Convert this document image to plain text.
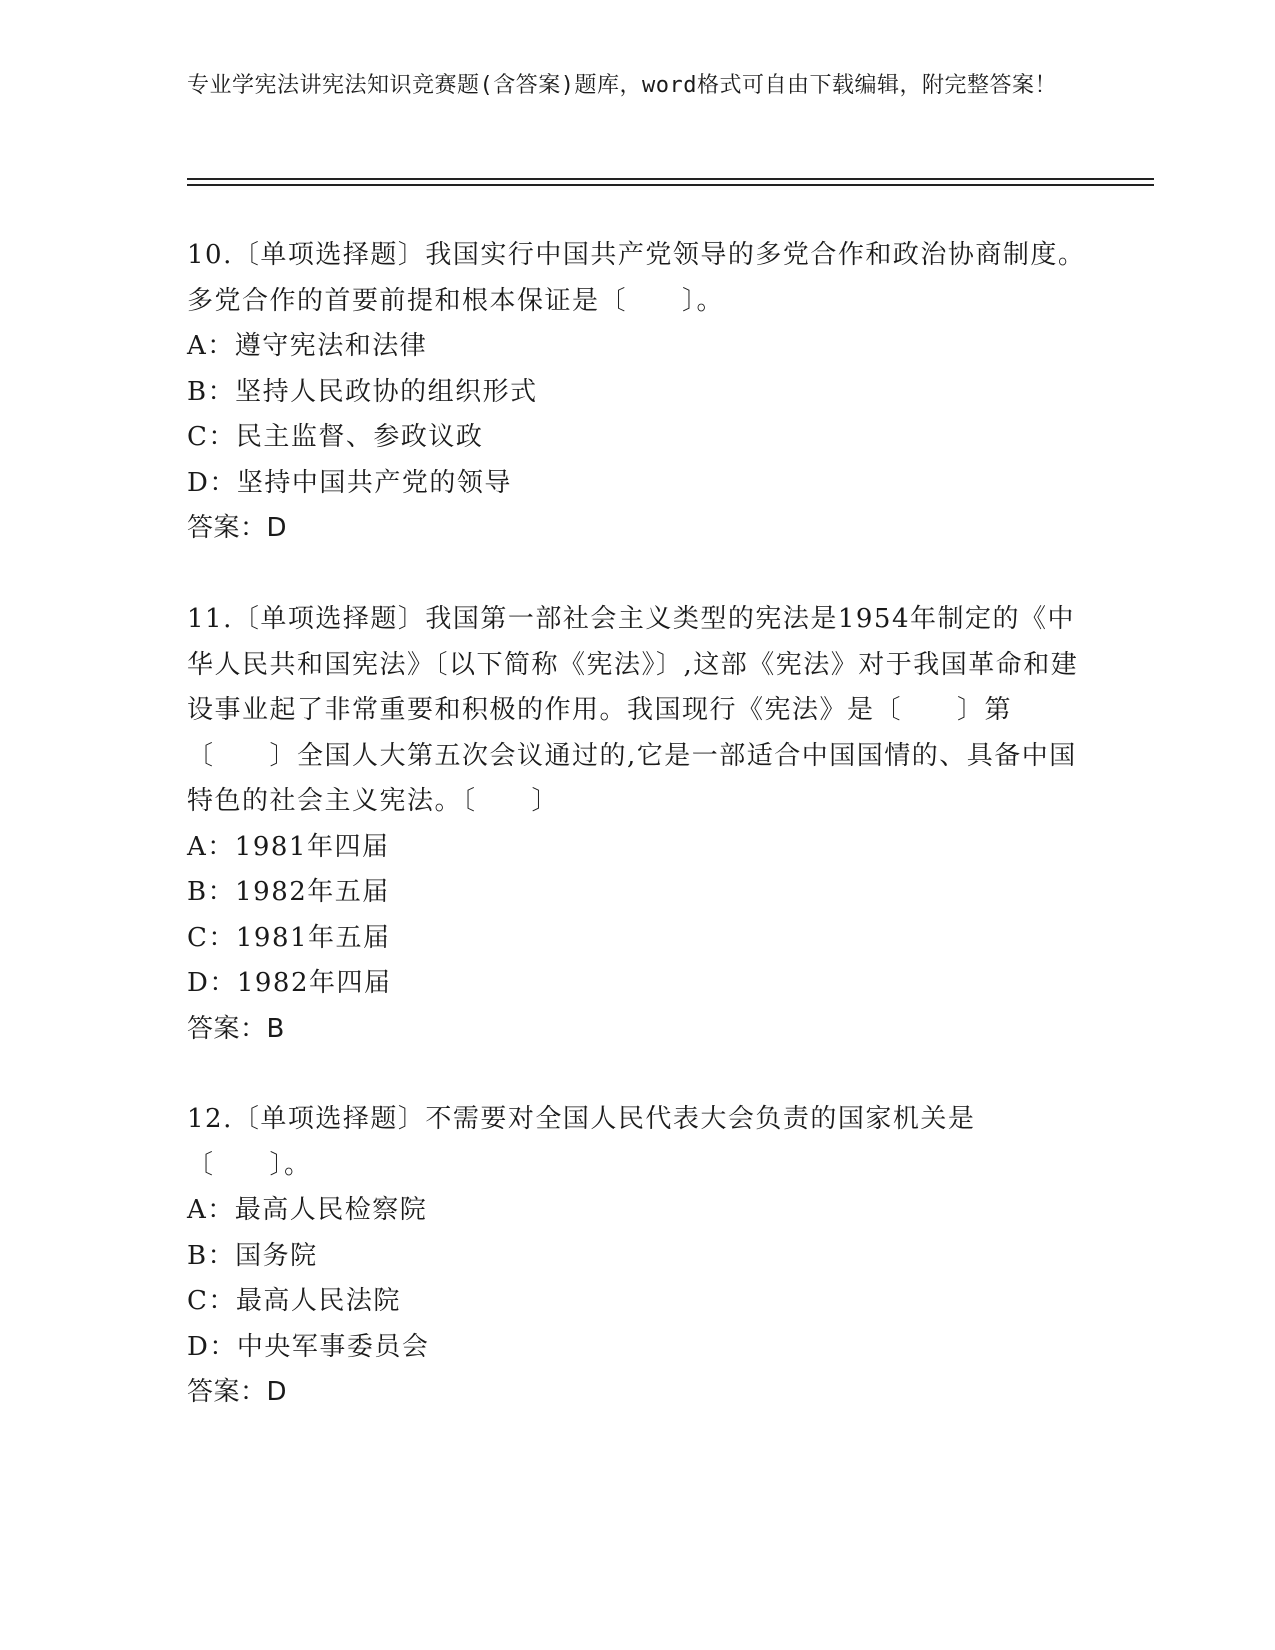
专业学宪法讲宪法知识竞赛题(含答案)题库，word格式可自由下载编辑，附完整答案！

10.〔单项选择题〕我国实行中国共产党领导的多党合作和政治协商制度。多党合作的首要前提和根本保证是〔　　〕。

A：遵守宪法和法律

B：坚持人民政协的组织形式

C：民主监督、参政议政

D：坚持中国共产党的领导

答案：D

11.〔单项选择题〕我国第一部社会主义类型的宪法是1954年制定的《中华人民共和国宪法》〔以下简称《宪法》〕,这部《宪法》对于我国革命和建设事业起了非常重要和积极的作用。我国现行《宪法》是〔　　〕第〔　　〕全国人大第五次会议通过的,它是一部适合中国国情的、具备中国特色的社会主义宪法。〔　　〕

A：1981年四届

B：1982年五届

C：1981年五届

D：1982年四届

答案：B

12.〔单项选择题〕不需要对全国人民代表大会负责的国家机关是〔　　〕。

A：最高人民检察院

B：国务院

C：最高人民法院

D：中央军事委员会

答案：D
